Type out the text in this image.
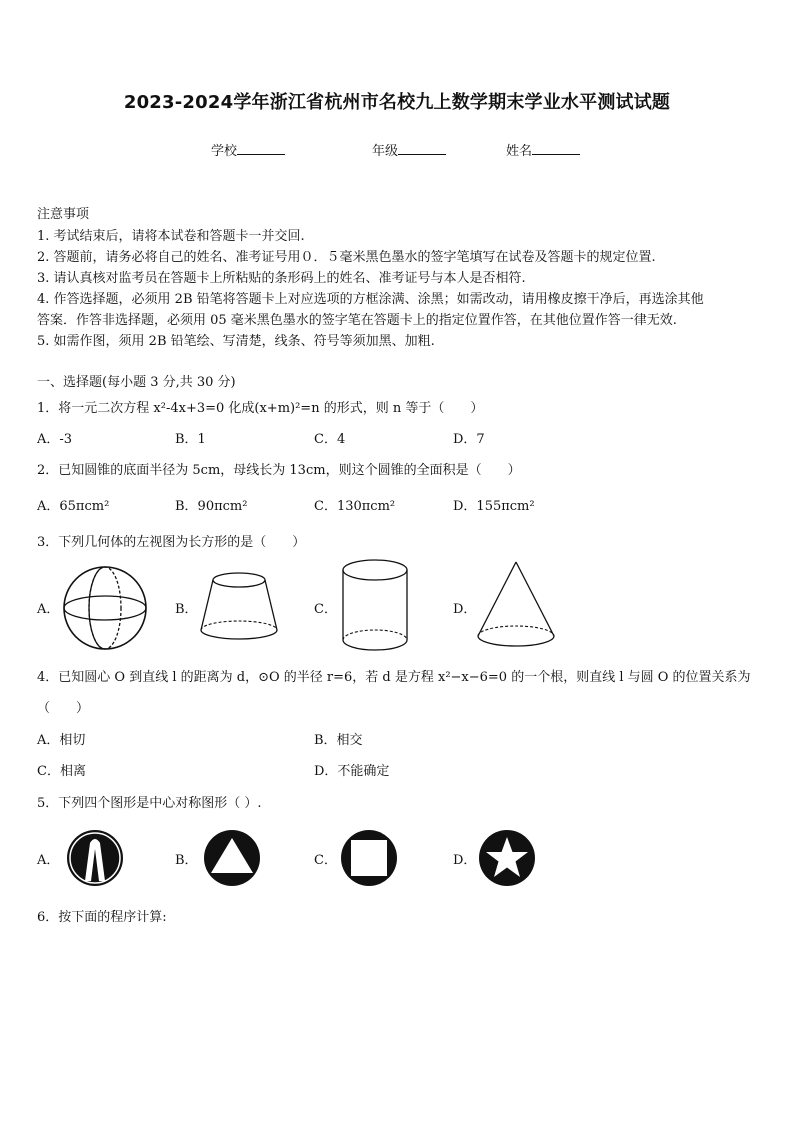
2023-2024学年浙江省杭州市名校九上数学期末学业水平测试试题
学校	年级	姓名
注意事项
1. 考试结束后，请将本试卷和答题卡一并交回.
2. 答题前，请务必将自己的姓名、准考证号用０．５毫米黑色墨水的签字笔填写在试卷及答题卡的规定位置.
3. 请认真核对监考员在答题卡上所粘贴的条形码上的姓名、准考证号与本人是否相符.
4. 作答选择题，必须用 2B 铅笔将答题卡上对应选项的方框涂满、涂黑；如需改动，请用橡皮擦干净后，再选涂其他
答案．作答非选择题，必须用 05 毫米黑色墨水的签字笔在答题卡上的指定位置作答，在其他位置作答一律无效.
5. 如需作图，须用 2B 铅笔绘、写清楚，线条、符号等须加黑、加粗.
一、选择题(每小题 3 分,共 30 分)
1．将一元二次方程 x²-4x+3=0 化成(x+m)²=n 的形式，则 n 等于（　　）
A．-3	B．1	C．4	D．7
2．已知圆锥的底面半径为 5cm，母线长为 13cm，则这个圆锥的全面积是（　　）
A．65πcm²	B．90πcm²	C．130πcm²	D．155πcm²
3．下列几何体的左视图为长方形的是（　　）
A．	B．	C．	D．
4．已知圆心 O 到直线 l 的距离为 d，⊙O 的半径 r=6，若 d 是方程 x²−x−6=0 的一个根，则直线 l 与圆 O 的位置关系为
（　　）
A．相切	B．相交
C．相离	D．不能确定
5．下列四个图形是中心对称图形（ ）.
A．	B．	C．	D．
6．按下面的程序计算:
